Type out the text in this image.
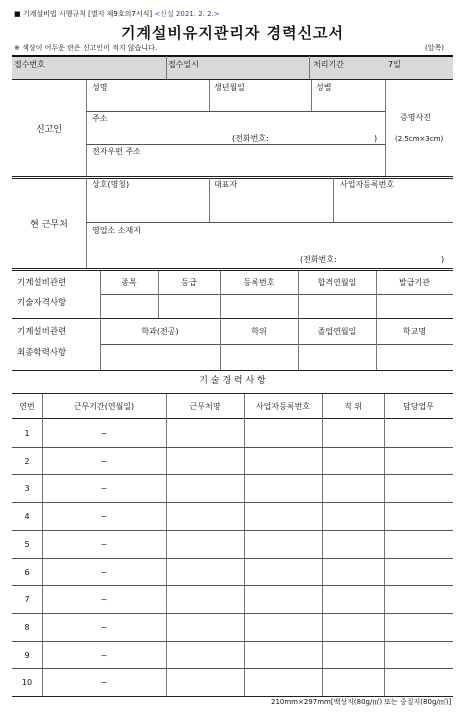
■ 기계설비법 시행규칙 [별지 제9호의7서식] <신설 2021. 2. 2.>
기계설비유지관리자 경력신고서
※ 색상이 어두운 란은 신고인이 적지 않습니다.	(앞쪽)
접수번호	접수일시	처리기간	7일
신고인
성명	생년월일	성별
주소
(전화번호:	)
전자우편 주소
증명사진
(2.5cm×3cm)
현 근무처
상호(명칭)	대표자	사업자등록번호
영업소 소재지
(전화번호:	)
기계설비관련
기술자격사항
종목	등급	등록번호	합격연월일	발급기관
기계설비관련
최종학력사항
학과(전공)	학위	졸업연월일	학교명
기 술 경 력 사 항
연번	근무기간(연월일)	근무처명	사업자등록번호	직 위	담당업무
1	~
2	~
3	~
4	~
5	~
6	~
7	~
8	~
9	~
10	~
210mm×297mm[백상지(80g/㎡) 또는 중질지(80g/㎡)]
